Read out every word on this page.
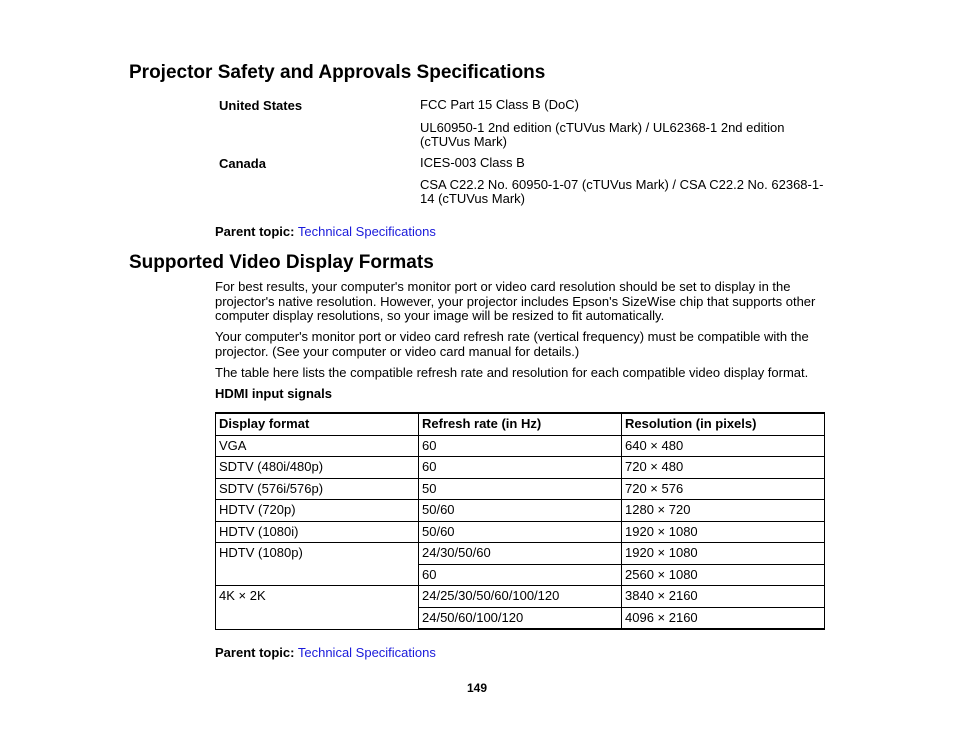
Projector Safety and Approvals Specifications
United States	FCC Part 15 Class B (DoC)
UL60950-1 2nd edition (cTUVus Mark) / UL62368-1 2nd edition (cTUVus Mark)
Canada	ICES-003 Class B
CSA C22.2 No. 60950-1-07 (cTUVus Mark) / CSA C22.2 No. 62368-1-14 (cTUVus Mark)
Parent topic: Technical Specifications
Supported Video Display Formats
For best results, your computer's monitor port or video card resolution should be set to display in the projector's native resolution. However, your projector includes Epson's SizeWise chip that supports other computer display resolutions, so your image will be resized to fit automatically.
Your computer's monitor port or video card refresh rate (vertical frequency) must be compatible with the projector. (See your computer or video card manual for details.)
The table here lists the compatible refresh rate and resolution for each compatible video display format.
HDMI input signals
Display format	Refresh rate (in Hz)	Resolution (in pixels)
VGA	60	640 × 480
SDTV (480i/480p)	60	720 × 480
SDTV (576i/576p)	50	720 × 576
HDTV (720p)	50/60	1280 × 720
HDTV (1080i)	50/60	1920 × 1080
HDTV (1080p)	24/30/50/60	1920 × 1080
	60	2560 × 1080
4K × 2K	24/25/30/50/60/100/120	3840 × 2160
	24/50/60/100/120	4096 × 2160
Parent topic: Technical Specifications
149
